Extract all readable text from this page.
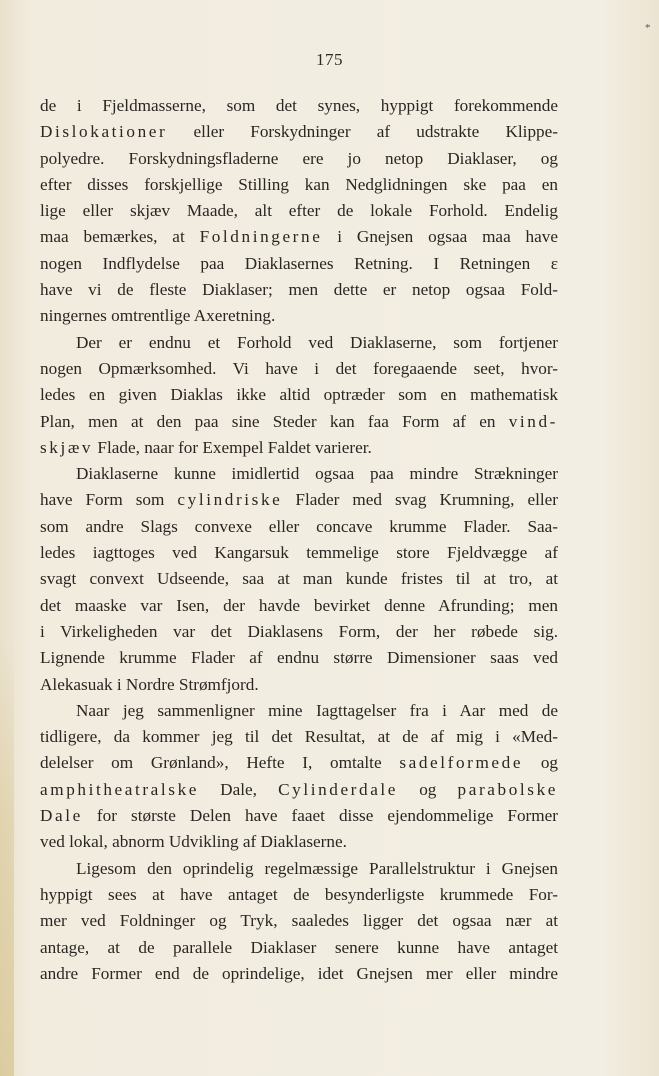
*
175
de i Fjeldmasserne, som det synes, hyppigt forekommende
Dislokationer eller Forskydninger af udstrakte Klippe-
polyedre. Forskydningsfladerne ere jo netop Diaklaser, og
efter disses forskjellige Stilling kan Nedglidningen ske paa en
lige eller skjæv Maade, alt efter de lokale Forhold. Endelig
maa bemærkes, at Foldningerne i Gnejsen ogsaa maa have
nogen Indflydelse paa Diaklasernes Retning. I Retningen ε
have vi de fleste Diaklaser; men dette er netop ogsaa Fold-
ningernes omtrentlige Axeretning.
Der er endnu et Forhold ved Diaklaserne, som fortjener
nogen Opmærksomhed. Vi have i det foregaaende seet, hvor-
ledes en given Diaklas ikke altid optræder som en mathematisk
Plan, men at den paa sine Steder kan faa Form af en vind-
skjæv Flade, naar for Exempel Faldet varierer.
Diaklaserne kunne imidlertid ogsaa paa mindre Strækninger
have Form som cylindriske Flader med svag Krumning, eller
som andre Slags convexe eller concave krumme Flader. Saa-
ledes iagttoges ved Kangarsuk temmelige store Fjeldvægge af
svagt convext Udseende, saa at man kunde fristes til at tro, at
det maaske var Isen, der havde bevirket denne Afrunding; men
i Virkeligheden var det Diaklasens Form, der her røbede sig.
Lignende krumme Flader af endnu større Dimensioner saas ved
Alekasuak i Nordre Strømfjord.
Naar jeg sammenligner mine Iagttagelser fra i Aar med de
tidligere, da kommer jeg til det Resultat, at de af mig i «Med-
delelser om Grønland», Hefte I, omtalte sadelformede og
amphitheatralske Dale, Cylinderdale og parabolske
Dale for største Delen have faaet disse ejendommelige Former
ved lokal, abnorm Udvikling af Diaklaserne.
Ligesom den oprindelig regelmæssige Parallelstruktur i Gnejsen
hyppigt sees at have antaget de besynderligste krummede For-
mer ved Foldninger og Tryk, saaledes ligger det ogsaa nær at
antage, at de parallele Diaklaser senere kunne have antaget
andre Former end de oprindelige, idet Gnejsen mer eller mindre
